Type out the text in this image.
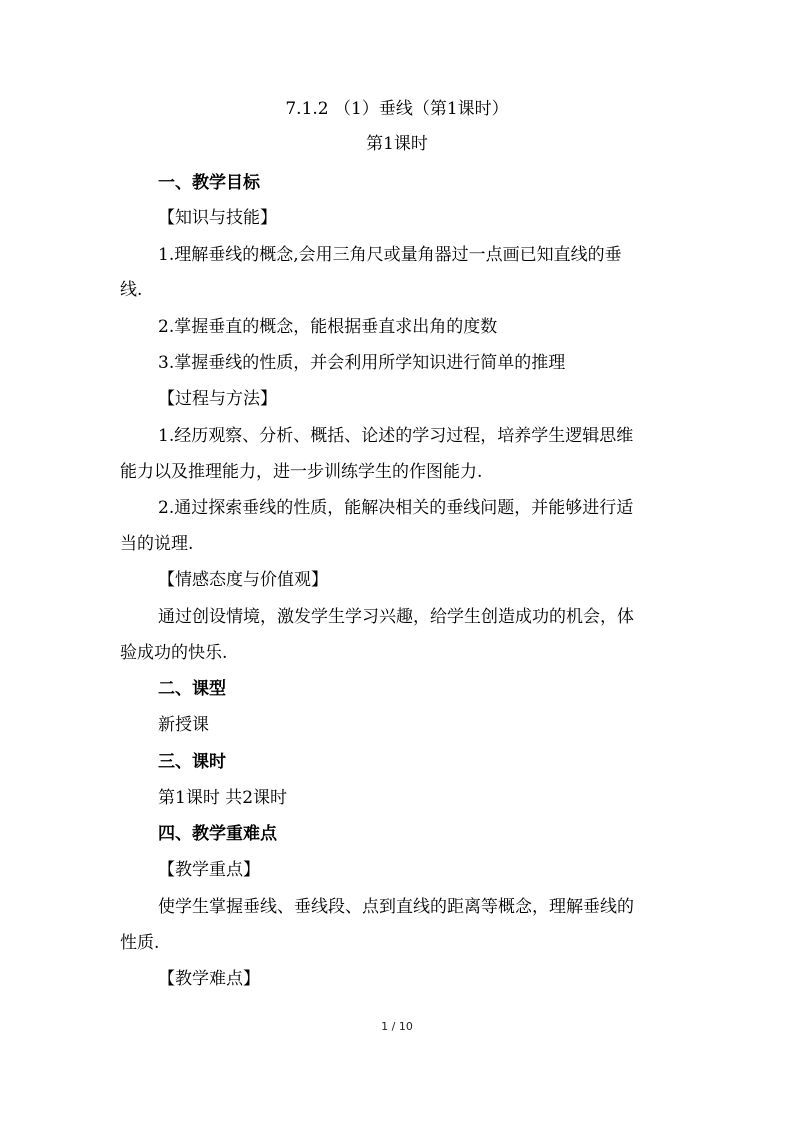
7.1.2 （1）垂线（第1课时）
第1课时
一、教学目标
【知识与技能】
1.理解垂线的概念,会用三角尺或量角器过一点画已知直线的垂
线.
2.掌握垂直的概念，能根据垂直求出角的度数
3.掌握垂线的性质，并会利用所学知识进行简单的推理
【过程与方法】
1.经历观察、分析、概括、论述的学习过程，培养学生逻辑思维
能力以及推理能力，进一步训练学生的作图能力.
2.通过探索垂线的性质，能解决相关的垂线问题，并能够进行适
当的说理.
【情感态度与价值观】
通过创设情境，激发学生学习兴趣，给学生创造成功的机会，体
验成功的快乐.
二、课型
新授课
三、课时
第1课时 共2课时
四、教学重难点
【教学重点】
使学生掌握垂线、垂线段、点到直线的距离等概念，理解垂线的
性质.
【教学难点】
1 / 10
